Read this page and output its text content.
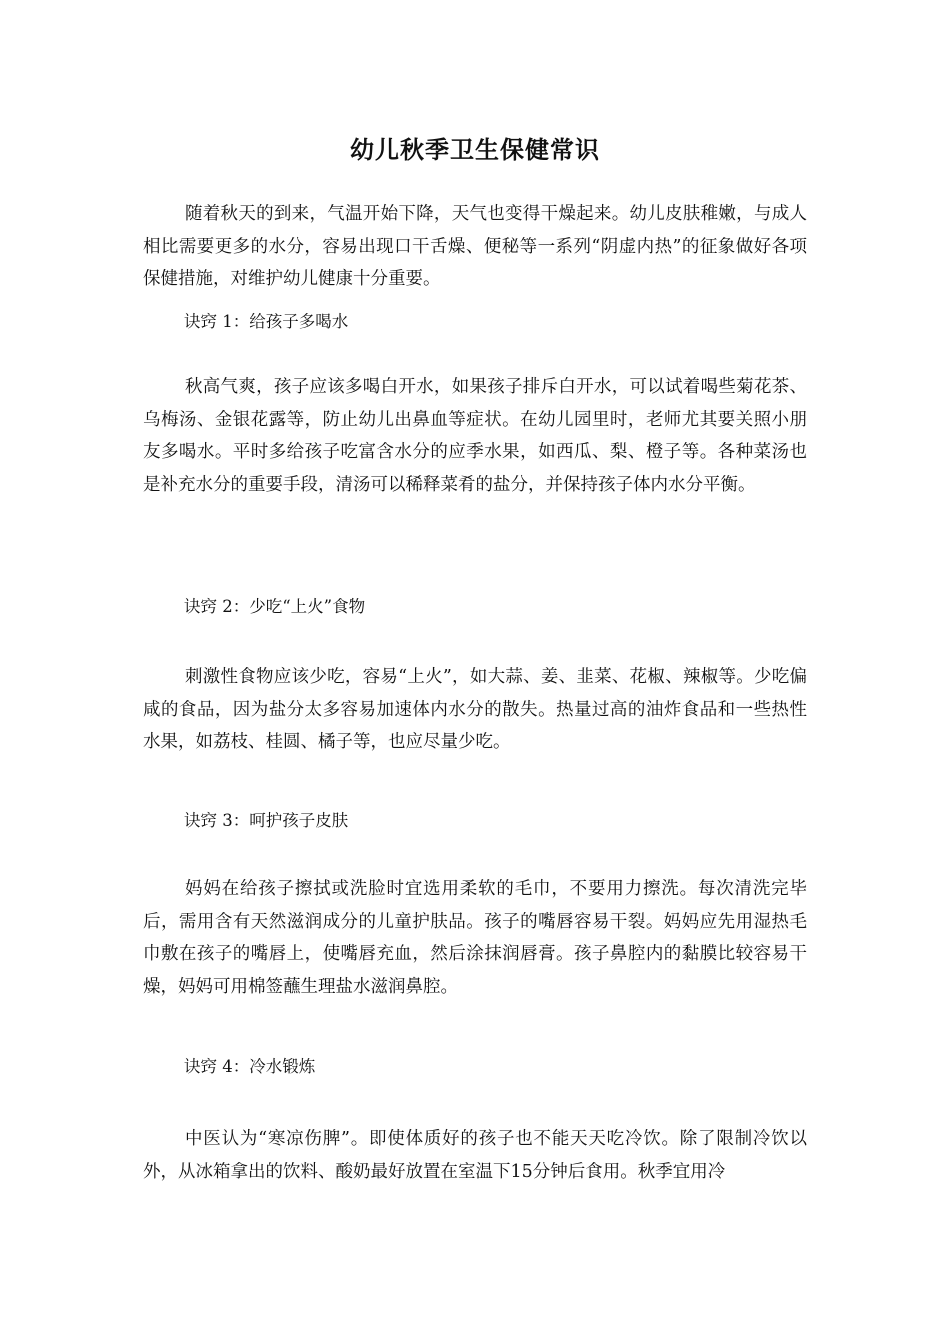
幼儿秋季卫生保健常识

随着秋天的到来，气温开始下降，天气也变得干燥起来。幼儿皮肤稚嫩，与成人相比需要更多的水分，容易出现口干舌燥、便秘等一系列“阴虚内热”的征象做好各项保健措施，对维护幼儿健康十分重要。

诀窍 1：给孩子多喝水

秋高气爽，孩子应该多喝白开水，如果孩子排斥白开水，可以试着喝些菊花茶、乌梅汤、金银花露等，防止幼儿出鼻血等症状。在幼儿园里时，老师尤其要关照小朋友多喝水。平时多给孩子吃富含水分的应季水果，如西瓜、梨、橙子等。各种菜汤也是补充水分的重要手段，清汤可以稀释菜肴的盐分，并保持孩子体内水分平衡。

诀窍 2：少吃“上火”食物

刺激性食物应该少吃，容易“上火”，如大蒜、姜、韭菜、花椒、辣椒等。少吃偏咸的食品，因为盐分太多容易加速体内水分的散失。热量过高的油炸食品和一些热性水果，如荔枝、桂圆、橘子等，也应尽量少吃。

诀窍 3：呵护孩子皮肤

妈妈在给孩子擦拭或洗脸时宜选用柔软的毛巾，不要用力擦洗。每次清洗完毕后，需用含有天然滋润成分的儿童护肤品。孩子的嘴唇容易干裂。妈妈应先用湿热毛巾敷在孩子的嘴唇上，使嘴唇充血，然后涂抹润唇膏。孩子鼻腔内的黏膜比较容易干燥，妈妈可用棉签蘸生理盐水滋润鼻腔。

诀窍 4：冷水锻炼

中医认为“寒凉伤脾”。即使体质好的孩子也不能天天吃冷饮。除了限制冷饮以外，从冰箱拿出的饮料、酸奶最好放置在室温下15分钟后食用。秋季宜用冷
